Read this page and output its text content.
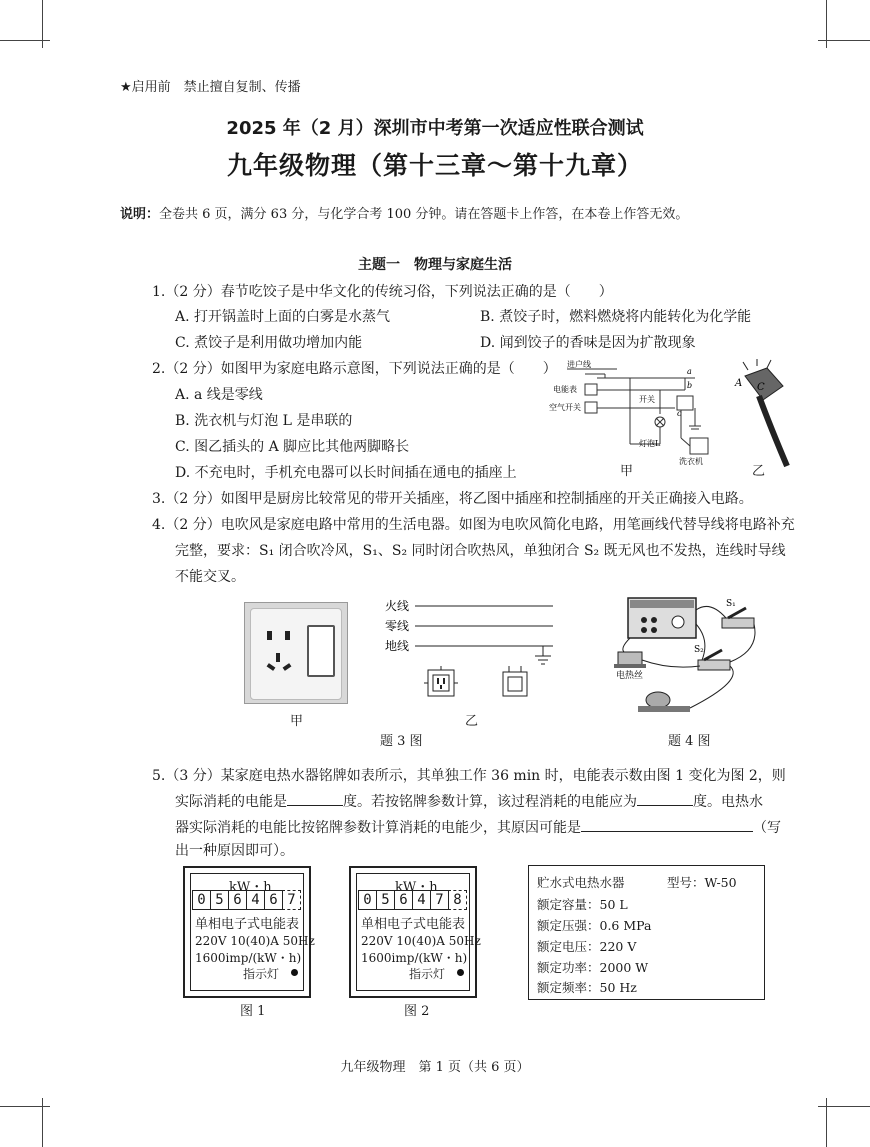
★启用前　禁止擅自复制、传播
2025 年（2 月）深圳市中考第一次适应性联合测试
九年级物理（第十三章～第十九章）
说明：全卷共 6 页，满分 63 分，与化学合考 100 分钟。请在答题卡上作答，在本卷上作答无效。
主题一　物理与家庭生活
1.（2 分）春节吃饺子是中华文化的传统习俗，下列说法正确的是（　　）
A. 打开锅盖时上面的白雾是水蒸气	B. 煮饺子时，燃料燃烧将内能转化为化学能
C. 煮饺子是利用做功增加内能	D. 闻到饺子的香味是因为扩散现象
2.（2 分）如图甲为家庭电路示意图，下列说法正确的是（　　）
A. a 线是零线
B. 洗衣机与灯泡 L 是串联的
C. 图乙插头的 A 脚应比其他两脚略长
D. 不充电时，手机充电器可以长时间插在通电的插座上
进户线
电能表
空气开关
开关
灯泡L
洗衣机
a
b
c
A C
甲	乙
3.（2 分）如图甲是厨房比较常见的带开关插座，将乙图中插座和控制插座的开关正确接入电路。
4.（2 分）电吹风是家庭电路中常用的生活电器。如图为电吹风简化电路，用笔画线代替导线将电路补充
完整，要求：S₁ 闭合吹冷风，S₁、S₂ 同时闭合吹热风，单独闭合 S₂ 既无风也不发热，连线时导线
不能交叉。
甲
火线
零线
地线
乙
题 3 图
S₁
S₂
电热丝
题 4 图
5.（3 分）某家庭电热水器铭牌如表所示，其单独工作 36 min 时，电能表示数由图 1 变化为图 2，则
实际消耗的电能是	度。若按铭牌参数计算，该过程消耗的电能应为	度。电热水
器实际消耗的电能比按铭牌参数计算消耗的电能少，其原因可能是	（写
出一种原因即可）。
kW・h
0 5 6 4 6 7
单相电子式电能表
220V 10(40)A 50Hz
1600imp/(kW・h)
指示灯
图 1
kW・h
0 5 6 4 7 8
单相电子式电能表
220V 10(40)A 50Hz
1600imp/(kW・h)
指示灯
图 2
贮水式电热水器	型号：W-50
额定容量：50 L
额定压强：0.6 MPa
额定电压：220 V
额定功率：2000 W
额定频率：50 Hz
九年级物理　第 1 页（共 6 页）
